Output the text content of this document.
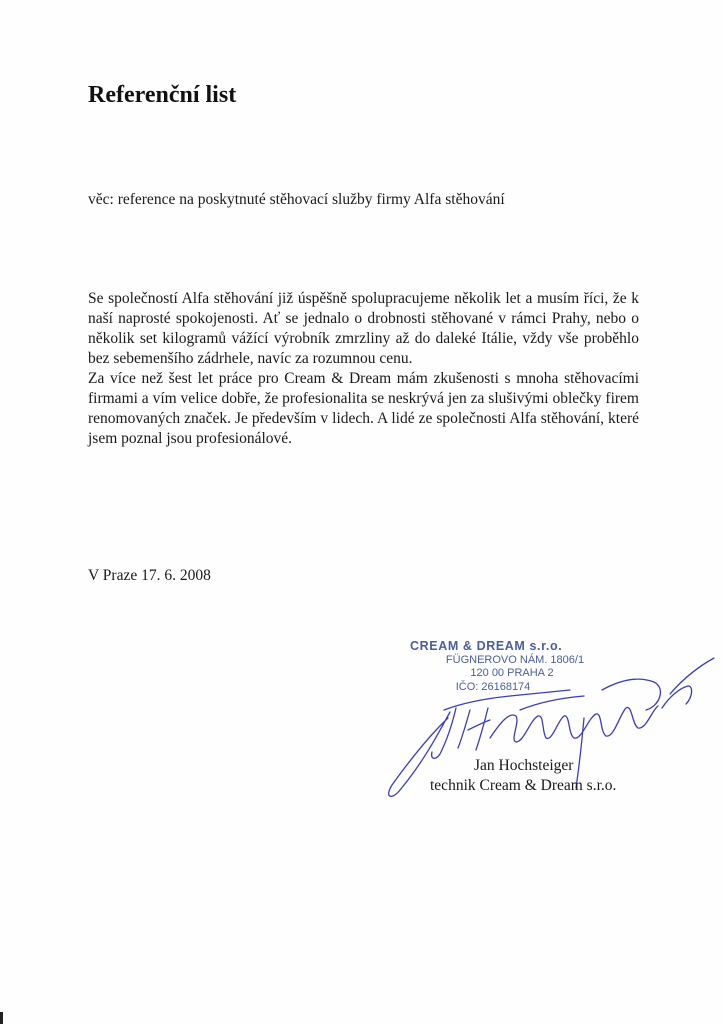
Referenční list

věc: reference na poskytnuté stěhovací služby firmy Alfa stěhování

Se společností Alfa stěhování již úspěšně spolupracujeme několik let a musím říci, že k naší naprosté spokojenosti. Ať se jednalo o drobnosti stěhované v rámci Prahy, nebo o několik set kilogramů vážící výrobník zmrzliny až do daleké Itálie, vždy vše proběhlo bez sebemenšího zádrhele, navíc za rozumnou cenu.

Za více než šest let práce pro Cream & Dream mám zkušenosti s mnoha stěhovacími firmami a vím velice dobře, že profesionalita se neskrývá jen za slušivými oblečky firem renomovaných značek. Je především v lidech. A lidé ze společnosti Alfa stěhování, které jsem poznal jsou profesionálové.

V Praze 17. 6. 2008

CREAM & DREAM s.r.o.
FÜGNEROVO NÁM. 1806/1
120 00 PRAHA 2
IČO: 26168174
Jan Hochsteiger
technik Cream & Dream s.r.o.
